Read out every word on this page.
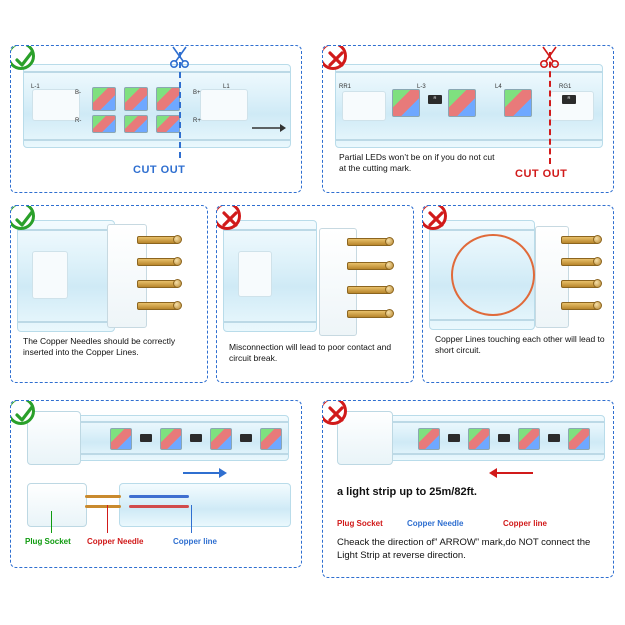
L-1
B-
R-
B+
R+
L1
CUT OUT
R	R
RR1	L-3	L4	RG1
CUT OUT
Partial LEDs won’t be on if you do not cut at the cutting mark.
The Copper Needles should be correctly inserted into the Copper Lines.
Misconnection will lead to poor contact and circuit break.
Copper Lines touching each other will lead to short circuit.
Plug Socket Copper Needle	Copper line
a light strip up to 25m/82ft.
Plug Socket	Copper Needle	Copper line
Cheack the direction of” ARROW” mark,do NOT connect the Light Strip at reverse direction.
